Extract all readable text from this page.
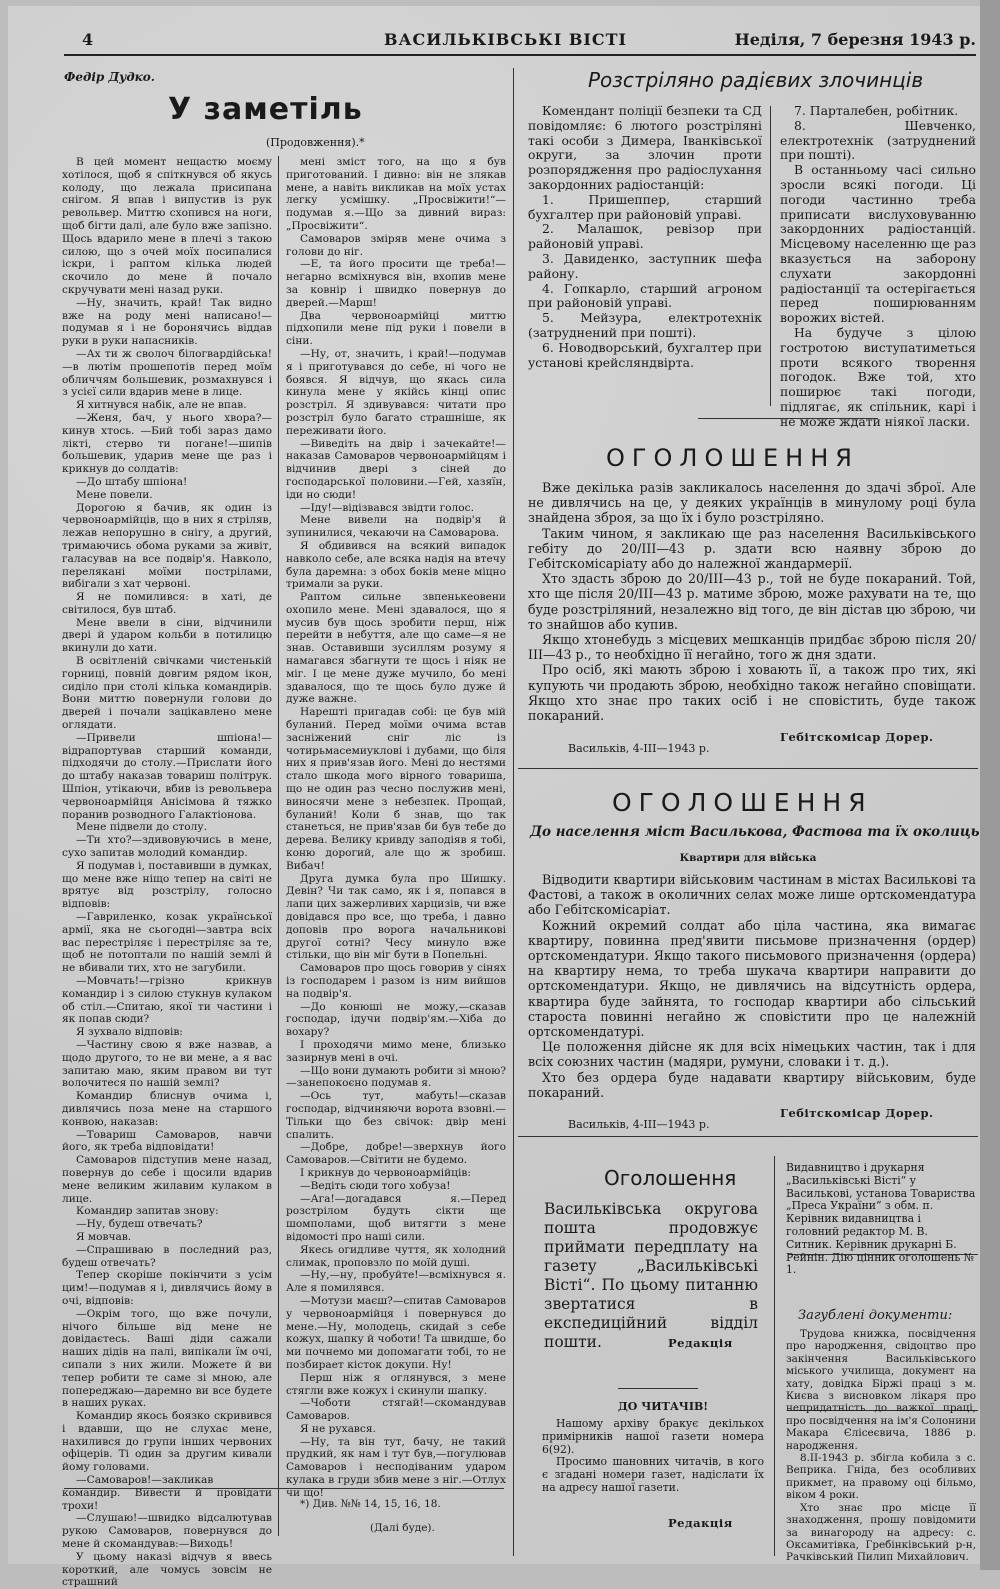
4	ВАСИЛЬКІВСЬКІ ВІСТІ	Неділя, 7 березня 1943 р.
Федір Дудко.
У заметіль
(Продовження).*

В цей момент нещастю моєму хотілося, щоб я спіткнувся об якусь колоду, що лежала присипана снігом. Я впав і випустив із рук револьвер. Миттю схопився на ноги, щоб бігти далі, але було вже запізно. Щось вдарило мене в плечі з такою силою, що з очей моїх посипалися іскри, і раптом кілька людей скочило до мене й почало скручувати мені назад руки.

—Ну, значить, край! Так видно вже на роду мені написано!—подумав я і не боронячись віддав руки в руки напасників.

—Ах ти ж сволоч білогвардійська!—в лютім прошепотів перед моїм обличчям большевик, розмахнувся і з усієї сили вдарив мене в лице.

Я хитнувся набік, але не впав.

—Женя, бач, у нього хвора?—кинув хтось. —Бий тобі зараз дамо лікті, стерво ти погане!—шипів большевик, ударив мене ще раз і крикнув до солдатів:

—До штабу шпіона!

Мене повели.

Дорогою я бачив, як один із червоноармійців, що в них я стріляв, лежав непорушно в снігу, а другий, тримаючись обома руками за живіт, галасував на все подвір'я. Навколо, перелякані моїми пострілами, вибігали з хат червоні.

Я не помилився: в хаті, де світилося, був штаб.

Мене ввели в сіни, відчинили двері й ударом кольби в потилицю вкинули до хати.

В освітленій свічками чистенькій горниці, повній довгим рядом ікон, сиділо при столі кілька командирів. Вони миттю повернули голови до дверей і почали зацікавлено мене оглядати.

—Привели шпіона!—відрапортував старший команди, підходячи до столу.—Прислати його до штабу наказав товариш політрук. Шпіон, утікаючи, вбив із револьвера червоноармійця Анісімова й тяжко поранив розводного Галактіонова.

Мене підвели до столу.

—Ти хто?—здивовуючись в мене, сухо запитав молодий командир.

Я подумав і, поставивши в думках, що мене вже ніщо тепер на світі не врятує від розстрілу, голосно відповів:

—Гавриленко, козак української армії, яка не сьогодні—завтра всіх вас перестріляє і перестріляє за те, щоб не потоптали по нашій землі й не вбивали тих, хто не загубили.

—Мовчать!—грізно крикнув командир і з силою стукнув кулаком об стіл.—Спитаю, якої ти частини і як попав сюди?

Я зухвало відповів:

—Частину свою я вже назвав, а щодо другого, то не ви мене, а я вас запитаю маю, яким правом ви тут волочитеся по нашій землі?

Командир блиснув очима і, дивлячись поза мене на старшого конвою, наказав:

—Товариш Самоваров, навчи його, як треба відповідати!

Самоваров підступив мене назад, повернув до себе і щосили вдарив мене великим жилавим кулаком в лице.

Командир запитав знову:

—Ну, будеш отвечать?

Я мовчав.

—Спрашиваю в последний раз, будеш отвечать?

Тепер скоріше покінчити з усім цим!—подумав я і, дивлячись йому в очі, відповів:

—Окрім того, що вже почули, нічого більше від мене не довідаєтесь. Ваші діди сажали наших дідів на палі, випікали їм очі, сипали з них жили. Можете й ви тепер робити те саме зі мною, але попереджаю—даремно ви все будете в наших руках.

Командир якось боязко скривився і вдавши, що не слухає мене, нахилився до групи інших червоних офіцерів. Ті один за другим кивали йому головами.

—Самоваров!—закликав командир. Вивести й провідати трохи!

—Слушаю!—швидко відсалютував рукою Самоваров, повернувся до мене й скомандував:—Виходь!

У цьому наказі відчув я ввесь короткий, але чомусь зовсім не страшний

мені зміст того, на що я був приготований. І дивно: він не злякав мене, а навіть викликав на моїх устах легку усмішку. „Просвіжити!“—подумав я.—Що за дивний вираз: „Просвіжити“.

Самоваров зміряв мене очима з голови до ніг.

—Е, та його просити ще треба!—негарно всміхнувся він, вхопив мене за ковнір і швидко повернув до дверей.—Марш!

Два червоноармійці миттю підхопили мене під руки і повели в сіни.

—Ну, от, значить, і край!—подумав я і приготувався до себе, ні чого не боявся. Я відчув, що якась сила кинула мене у якійсь кінці опис розстріл. Я здивувався: читати про розстріл було багато страшніше, як переживати його.

—Виведіть на двір і зачекайте!—наказав Самоваров червоноармійцям і відчинив двері з сіней до господарської половини.—Гей, хазяїн, іди но сюди!

—Іду!—відізвався звідти голос.

Мене вивели на подвір'я й зупинилися, чекаючи на Самоварова.

Я обдивився на всякий випадок навколо себе, але всяка надія на втечу була даремна: з обох боків мене міцно тримали за руки.

Раптом сильне звпенькеовени охопило мене. Мені здавалося, що я мусив був щось зробити перш, ніж перейти в небуття, але що саме—я не знав. Оставивши зусиллям розуму я намагався збагнути те щось і ніяк не міг. І це мене дуже мучило, бо мені здавалося, що те щось було дуже й дуже важне.

Нарешті пригадав собі: це був мій буланий. Перед моїми очима встав засніжений сніг ліс із чотирьмасемиуклові і дубами, що біля них я прив'язав його. Мені до нестями стало шкода мого вірного товариша, що не один раз чесно послужив мені, виносячи мене з небезпек. Прощай, буланий! Коли б знав, що так станеться, не прив'язав би був тебе до дерева. Велику кривду заподіяв я тобі, коню дорогий, але що ж зробиш. Вибач!

Друга думка була про Шишку. Девін? Чи так само, як і я, попався в лапи цих зажерливих харцизів, чи вже довідався про все, що треба, і давно доповів про ворога начальникові другої сотні? Чесу минуло вже стільки, що він міг бути в Попельні.

Самоваров про щось говорив у сінях із господарем і разом із ним вийшов на подвір'я.

—До конюші не можу,—сказав господар, ідучи подвір'ям.—Хіба до вохару?

І проходячи мимо мене, близько зазирнув мені в очі.

—Що вони думають робити зі мною?—занепокоєно подумав я.

—Ось тут, мабуть!—сказав господар, відчиняючи ворота взовні.—Тільки що без свічок: двір мені спалить.

—Добре, добре!—зверхнув його Самоваров.—Світити не будемо.

І крикнув до червоноармійців:

—Ведіть сюди того хобуза!

—Ага!—догадався я.—Перед розстрілом будуть сікти ще шомполами, щоб витягти з мене відомості про наші сили.

Якесь огидливе чуття, як холодний слимак, проповзло по моїй душі.

—Ну,—ну, пробуйте!—всміхнувся я. Але я помилявся.

—Мотузи маєш?—спитав Самоваров у червоноармійця і повернувся до мене.—Ну, молодець, скидай з себе кожух, шапку й чоботи! Та швидше, бо ми почнемо ми допомагати тобі, то не позбирает кісток докупи. Ну!

Перш ніж я оглянувся, з мене стягли вже кожух і скинули шапку.

—Чоботи стягай!—скомандував Самоваров.

Я не рухався.

—Ну, та він тут, бачу, не такий прудкий, як нам і тут був,—погулював Самоваров і несподіваним ударом кулака в груди збив мене з ніг.—Отлух чи що!

*) Див. №№ 14, 15, 16, 18.
(Далі буде).
Розстріляно радієвих злочинців

Комендант поліції безпеки та СД повідомляє: 6 лютого розстріляні такі особи з Димера, Іванківської округи, за злочин проти розпорядження про радіослухання закордонних радіостанцій:

1. Пришеппер, старший бухгалтер при районовій управі.

2. Малашок, ревізор при районовій управі.

3. Давиденко, заступник шефа району.

4. Гопкарло, старший агроном при районовій управі.

5. Мейзура, електротехнік (затруднений при пошті).

6. Новодворський, бухгалтер при установі крейсляндвірта.

7. Парталебен, робітник.

8. Шевченко, електротехнік (затруднений при пошті).

В останньому часі сильно зросли всякі погоди. Ці погоди частинно треба приписати вислуховуванню закордонних радіостанцій. Місцевому населенню ще раз вказується на заборону слухати закордонні радіостанції та остерігається перед поширюванням ворожих вістей.

На будуче з цілою гостротою виступатиметься проти всякого творення погодок. Вже той, хто поширює такі погоди, підлягає, як спільник, карі і не може ждати ніякої ласки.

ОГОЛОШЕННЯ

Вже декілька разів закликалось населення до здачі зброї. Але не дивлячись на це, у деяких українців в минулому році була знайдена зброя, за що їх і було розстріляно.

Таким чином, я закликаю ще раз населення Васильківського гебіту до 20/ІІІ—43 р. здати всю наявну зброю до Гебітскомісаріату або до належної жандармерії.

Хто здасть зброю до 20/ІІІ—43 р., той не буде покараний. Той, хто ще після 20/ІІІ—43 р. матиме зброю, може рахувати на те, що буде розстріляний, незалежно від того, де він дістав цю зброю, чи то знайшов або купив.

Якщо хтонебудь з місцевих мешканців придбає зброю після 20/ІІІ—43 р., то необхідно її негайно, того ж дня здати.

Про осіб, які мають зброю і ховають її, а також про тих, які купують чи продають зброю, необхідно також негайно сповіщати. Якщо хто знає про таких осіб і не сповістить, буде також покараний.

Васильків, 4-ІІІ—1943 р.
Гебітскомісар Дорер.
ОГОЛОШЕННЯ
До населення міст Василькова, Фастова та їх околиць
Квартири для війська

Відводити квартири військовим частинам в містах Василькові та Фастові, а також в околичних селах може лише ортскомендатура або Гебітскомісаріат.

Кожний окремий солдат або ціла частина, яка вимагає квартиру, повинна пред'явити письмове призначення (ордер) ортскомендатури. Якщо такого письмового призначення (ордера) на квартиру нема, то треба шукача квартири направити до ортскомендатури. Якщо, не дивлячись на відсутність ордера, квартира буде зайнята, то господар квартири або сільський староста повинні негайно ж сповістити про це належній ортскомендатурі.

Це положення дійсне як для всіх німецьких частин, так і для всіх союзних частин (мадяри, румуни, словаки і т. д.).

Хто без ордера буде надавати квартиру військовим, буде покараний.

Васильків, 4-ІІІ—1943 р.
Гебітскомісар Дорер.
Оголошення
Васильківська округова пошта продовжує приймати передплату на газету „Васильківські Вісті“. По цьому питанню звертатися в експедиційний відділ пошти.	Редакція
ДО ЧИТАЧІВ!

Нашому архіву бракує декількох примірників нашої газети номера 6(92).

Просимо шановних читачів, в кого є згадані номери газет, надіслати їх на адресу нашої газети.

Редакція
Видавництво і друкарня „Васильківські Вісті“ у Василькові, установа Товариства „Преса України“ з обм. п. Керівник видавництва і головний редактор М. В. Ситник. Керівник друкарні Б. Рейнін. Дію цінник оголошень № 1.
Загублені документи:

Трудова книжка, посвідчення про народження, свідоцтво про закінчення Васильківського міського училища, документ на хату, довідка Біржі праці з м. Києва з висновком лікаря про непридатність до важкої праці, про посвідчення на ім'я Солонини Макара Єлісеєвича, 1886 р. народження.

8.ІІ-1943 р. збігла кобила з с. Веприка. Гніда, без особливих прикмет, на правому оці більмо, віком 4 роки.

Хто знає про місце її знаходження, прошу повідомити за винагороду на адресу: с. Оксамитівка, Гребінківський р-н, Рачківський Пилип Михайлович.
